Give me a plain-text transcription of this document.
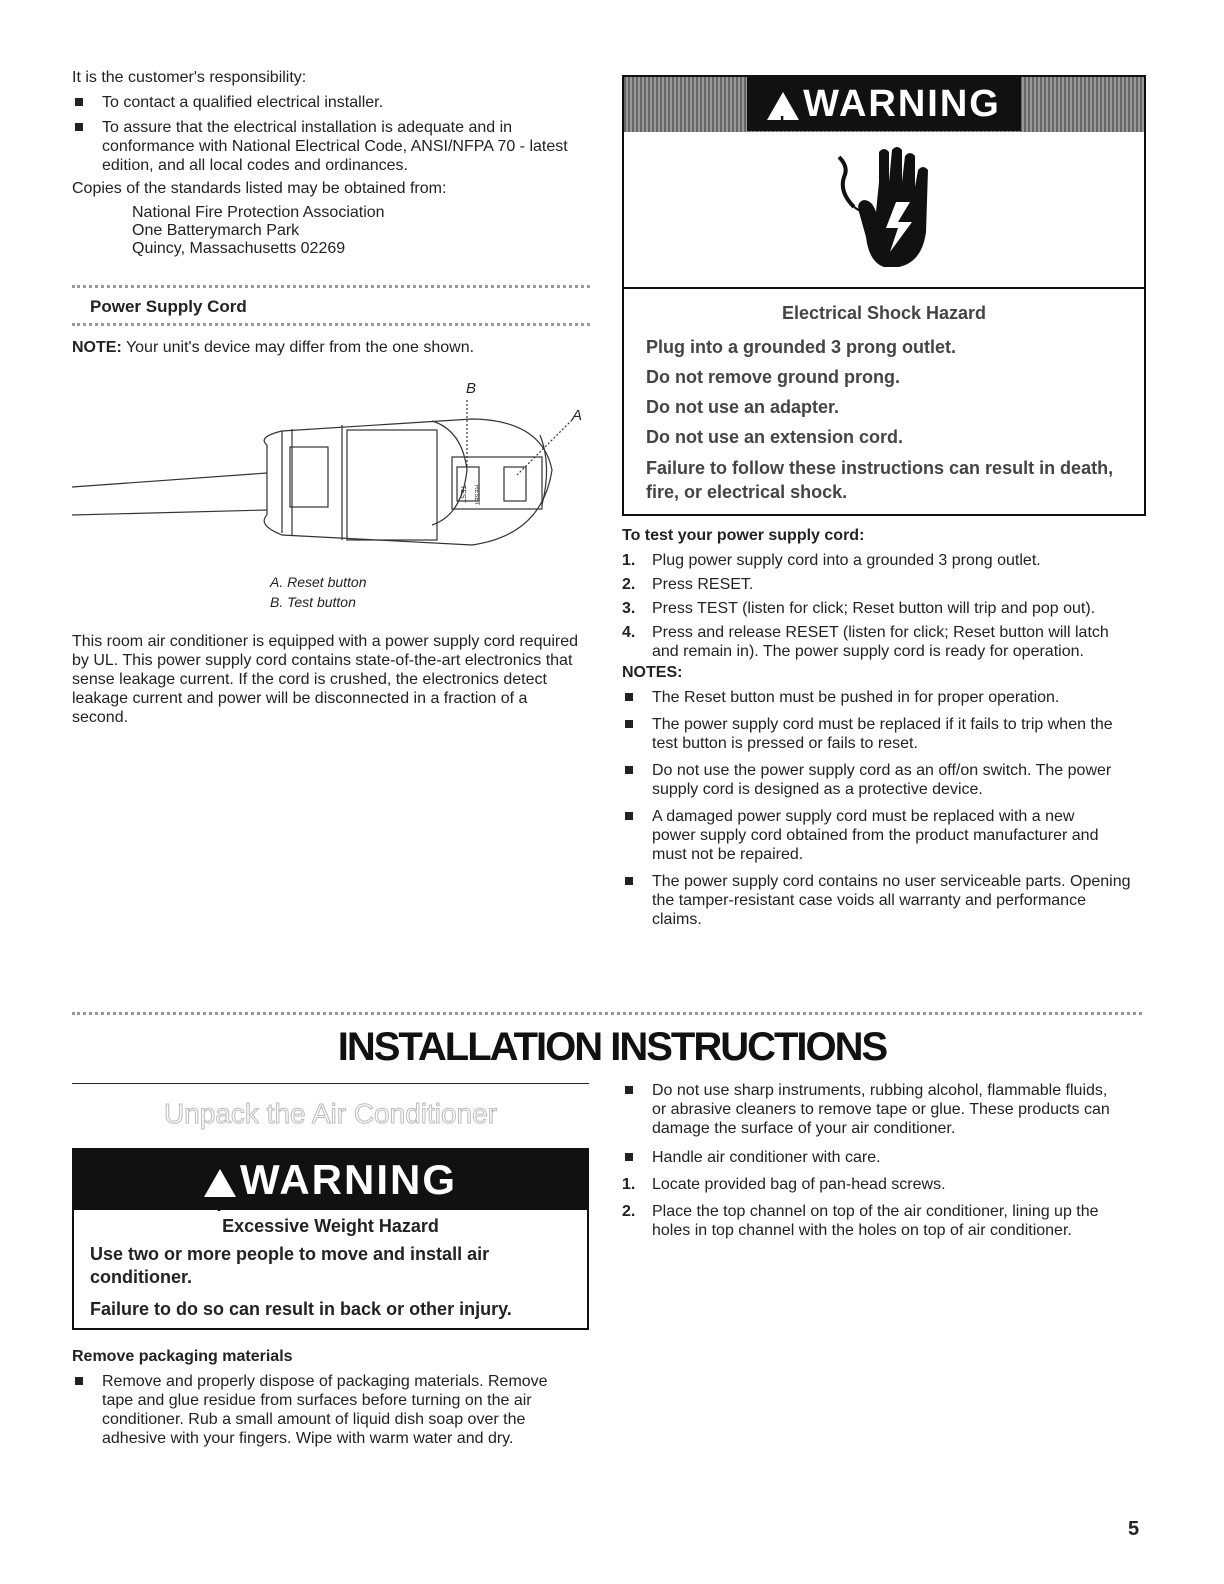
It is the customer's responsibility:

To contact a qualified electrical installer.
To assure that the electrical installation is adequate and in conformance with National Electrical Code, ANSI/NFPA 70 - latest edition, and all local codes and ordinances.

Copies of the standards listed may be obtained from:

National Fire Protection Association
One Batterymarch Park
Quincy, Massachusetts 02269
Power Supply Cord
NOTE: Your unit's device may differ from the one shown.
B
A
TEST RESET
A. Reset button
B. Test button

This room air conditioner is equipped with a power supply cord required by UL. This power supply cord contains state-of-the-art electronics that sense leakage current. If the cord is crushed, the electronics detect leakage current and power will be disconnected in a fraction of a second.

! WARNING
Electrical Shock Hazard
Plug into a grounded 3 prong outlet.
Do not remove ground prong.
Do not use an adapter.
Do not use an extension cord.
Failure to follow these instructions can result in death, fire, or electrical shock.
To test your power supply cord:
1. Plug power supply cord into a grounded 3 prong outlet.
2. Press RESET.
3. Press TEST (listen for click; Reset button will trip and pop out).
4. Press and release RESET (listen for click; Reset button will latch and remain in). The power supply cord is ready for operation.
NOTES:
The Reset button must be pushed in for proper operation.
The power supply cord must be replaced if it fails to trip when the test button is pressed or fails to reset.
Do not use the power supply cord as an off/on switch. The power supply cord is designed as a protective device.
A damaged power supply cord must be replaced with a new power supply cord obtained from the product manufacturer and must not be repaired.
The power supply cord contains no user serviceable parts. Opening the tamper-resistant case voids all warranty and performance claims.
INSTALLATION INSTRUCTIONS
Unpack the Air Conditioner
!
WARNING
Excessive Weight Hazard
Use two or more people to move and install air conditioner.
Failure to do so can result in back or other injury.
Remove packaging materials
Remove and properly dispose of packaging materials. Remove tape and glue residue from surfaces before turning on the air conditioner. Rub a small amount of liquid dish soap over the adhesive with your fingers. Wipe with warm water and dry.
Do not use sharp instruments, rubbing alcohol, flammable fluids, or abrasive cleaners to remove tape or glue. These products can damage the surface of your air conditioner.
Handle air conditioner with care.
1. Locate provided bag of pan-head screws.
2. Place the top channel on top of the air conditioner, lining up the holes in top channel with the holes on top of air conditioner.
5
